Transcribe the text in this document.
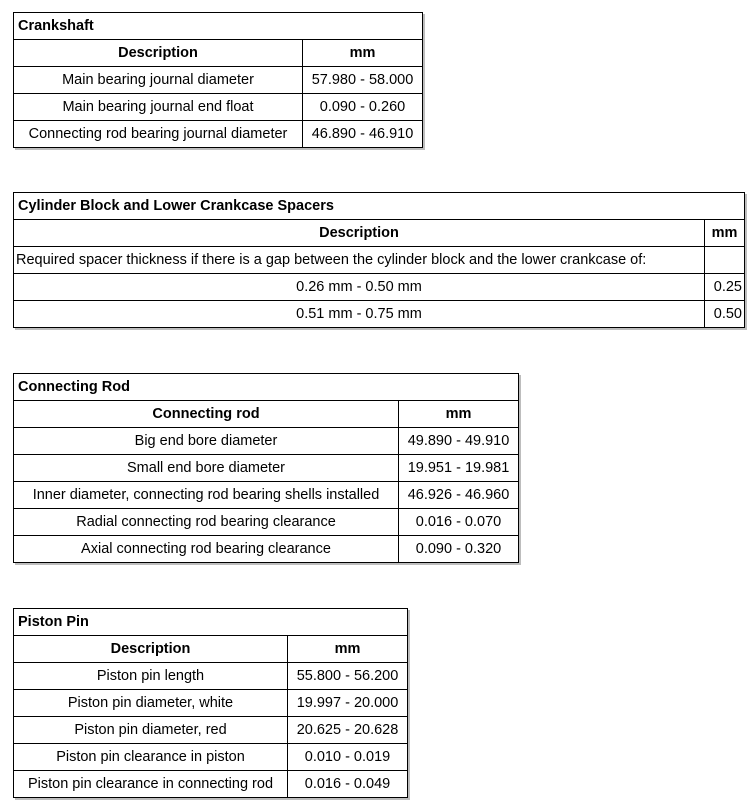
Crankshaft	
Description	mm
Main bearing journal diameter	57.980 - 58.000
Main bearing journal end float	0.090 - 0.260
Connecting rod bearing journal diameter	46.890 - 46.910
Cylinder Block and Lower Crankcase Spacers	
Description	mm
Required spacer thickness if there is a gap between the cylinder block and the lower crankcase of:	
0.26 mm - 0.50 mm	0.25
0.51 mm - 0.75 mm	0.50
Connecting Rod	
Connecting rod	mm
Big end bore diameter	49.890 - 49.910
Small end bore diameter	19.951 - 19.981
Inner diameter, connecting rod bearing shells installed	46.926 - 46.960
Radial connecting rod bearing clearance	0.016 - 0.070
Axial connecting rod bearing clearance	0.090 - 0.320
Piston Pin	
Description	mm
Piston pin length	55.800 - 56.200
Piston pin diameter, white	19.997 - 20.000
Piston pin diameter, red	20.625 - 20.628
Piston pin clearance in piston	0.010 - 0.019
Piston pin clearance in connecting rod	0.016 - 0.049
